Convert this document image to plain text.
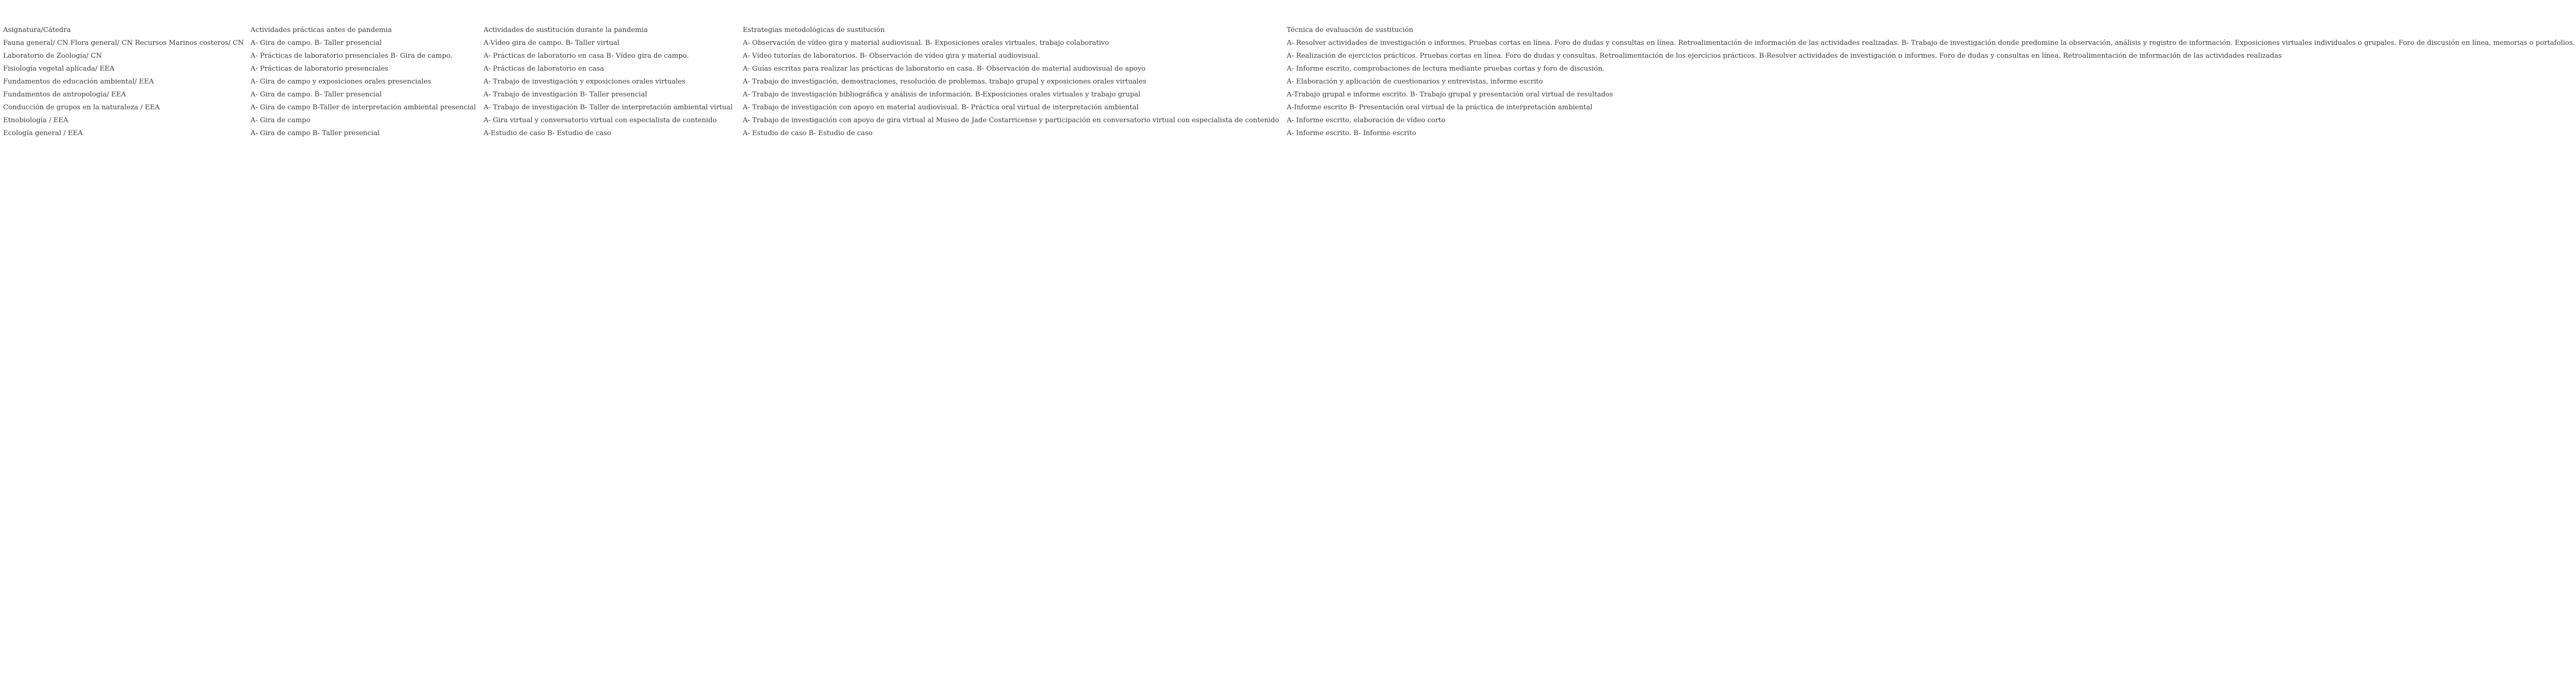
Asignatura/Cátedra	Actividades prácticas antes de pandemia	Actividades de sustitución durante la pandemia	Estrategias metodológicas de sustitución	Técnica de evaluación de sustitución
Fauna general/ CN Flora general/ CN Recursos Marinos costeros/ CN	A- Gira de campo. B- Taller presencial	A-Vídeo gira de campo. B- Taller virtual	A- Observación de vídeo gira y material audiovisual. B- Exposiciones orales virtuales, trabajo colaborativo	A- Resolver actividades de investigación o informes. Pruebas cortas en línea. Foro de dudas y consultas en línea. Retroalimentación de información de las actividades realizadas. B- Trabajo de investigación donde predomine la observación, análisis y registro de información. Exposiciones virtuales individuales o grupales. Foro de discusión en línea, memorias o portafolios.
Laboratorio de Zoología/ CN	A- Prácticas de laboratorio presenciales B- Gira de campo.	A- Prácticas de laboratorio en casa B- Vídeo gira de campo.	A- Vídeo tutorías de laboratorios. B- Observación de vídeo gira y material audiovisual.	A- Realización de ejercicios prácticos. Pruebas cortas en línea. Foro de dudas y consultas. Retroalimentación de los ejercicios prácticos. B-Resolver actividades de investigación o informes. Foro de dudas y consultas en línea. Retroalimentación de información de las actividades realizadas
Fisiología vegetal aplicada/ EEA	A- Prácticas de laboratorio presenciales	A- Prácticas de laboratorio en casa	A- Guías escritas para realizar las prácticas de laboratorio en casa. B- Observación de material audiovisual de apoyo	A- Informe escrito, comprobaciones de lectura mediante pruebas cortas y foro de discusión.
Fundamentos de educación ambiental/ EEA	A- Gira de campo y exposiciones orales presenciales	A- Trabajo de investigación y exposiciones orales virtuales	A- Trabajo de investigación, demostraciones, resolución de problemas, trabajo grupal y exposiciones orales virtuales	A- Elaboración y aplicación de cuestionarios y entrevistas, informe escrito
Fundamentos de antropología/ EEA	A- Gira de campo. B- Taller presencial	A- Trabajo de investigación B- Taller presencial	A- Trabajo de investigación bibliográfica y análisis de información. B-Exposiciones orales virtuales y trabajo grupal	A-Trabajo grupal e informe escrito. B- Trabajo grupal y presentación oral virtual de resultados
Conducción de grupos en la naturaleza / EEA	A- Gira de campo B-Taller de interpretación ambiental presencial	A- Trabajo de investigación B- Taller de interpretación ambiental virtual	A- Trabajo de investigación con apoyo en material audiovisual. B- Práctica oral virtual de interpretación ambiental	A-Informe escrito B- Presentación oral virtual de la práctica de interpretación ambiental
Etnobiología / EEA	A- Gira de campo	A- Gira virtual y conversatorio virtual con especialista de contenido	A- Trabajo de investigación con apoyo de gira virtual al Museo de Jade Costarricense y participación en conversatorio virtual con especialista de contenido	A- Informe escrito, elaboración de vídeo corto
Ecología general / EEA	A- Gira de campo B- Taller presencial	A-Estudio de caso B- Estudio de caso	A- Estudio de caso B- Estudio de caso	A- Informe escrito. B- Informe escrito
